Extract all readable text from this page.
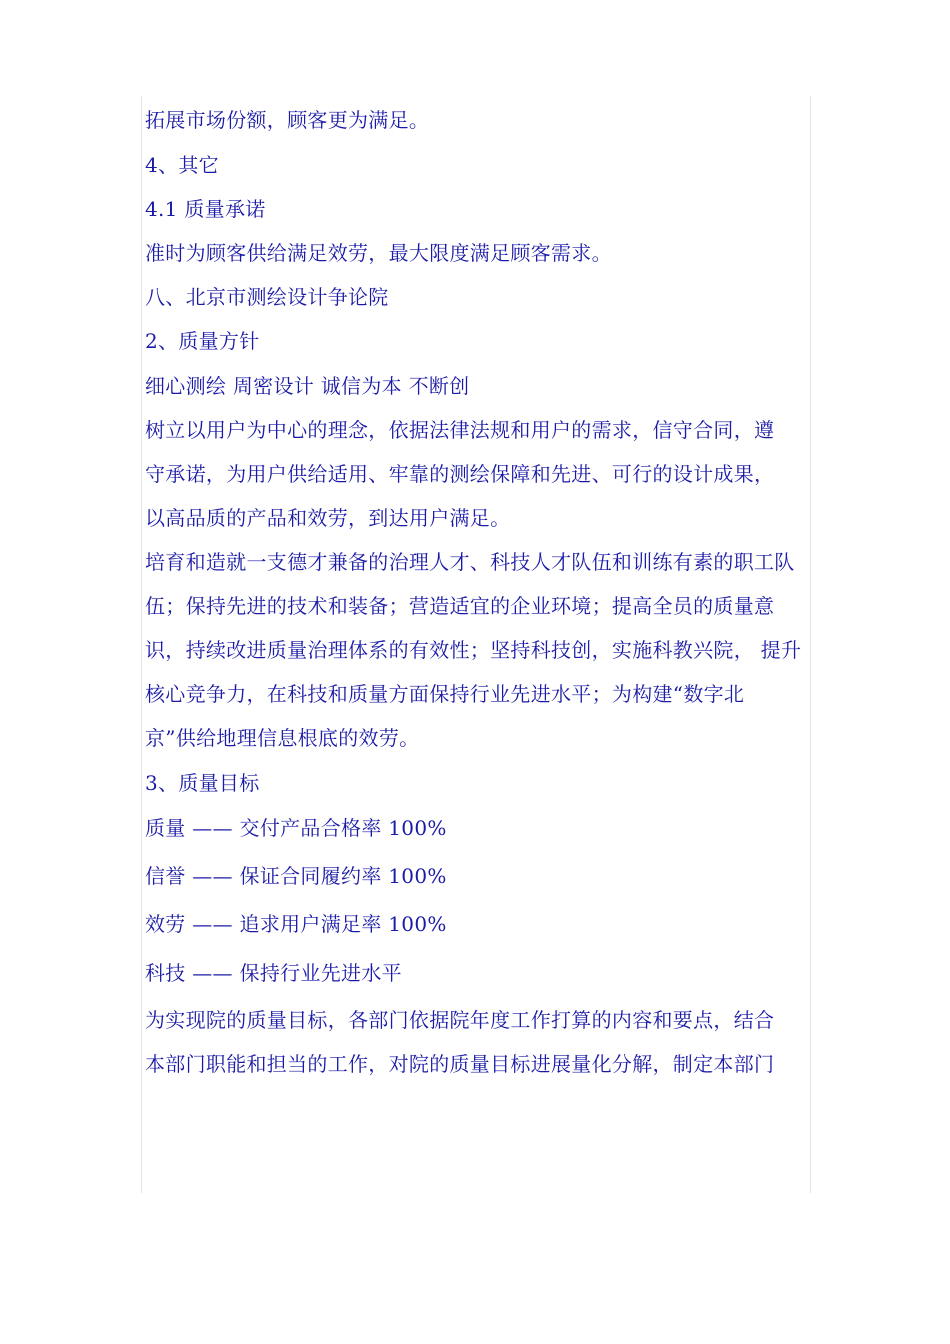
拓展市场份额，顾客更为满足。
4、其它
4.1 质量承诺
准时为顾客供给满足效劳，最大限度满足顾客需求。
八、北京市测绘设计争论院
2、质量方针
细心测绘 周密设计 诚信为本 不断创
树立以用户为中心的理念，依据法律法规和用户的需求，信守合同，遵
守承诺，为用户供给适用、牢靠的测绘保障和先进、可行的设计成果，
以高品质的产品和效劳，到达用户满足。
培育和造就一支德才兼备的治理人才、科技人才队伍和训练有素的职工队
伍；保持先进的技术和装备；营造适宜的企业环境；提高全员的质量意
识，持续改进质量治理体系的有效性；坚持科技创，实施科教兴院， 提升
核心竞争力，在科技和质量方面保持行业先进水平；为构建“数字北
京”供给地理信息根底的效劳。
3、质量目标
质量 —— 交付产品合格率 100%
信誉 —— 保证合同履约率 100%
效劳 —— 追求用户满足率 100%
科技 —— 保持行业先进水平
为实现院的质量目标，各部门依据院年度工作打算的内容和要点，结合
本部门职能和担当的工作，对院的质量目标进展量化分解，制定本部门
